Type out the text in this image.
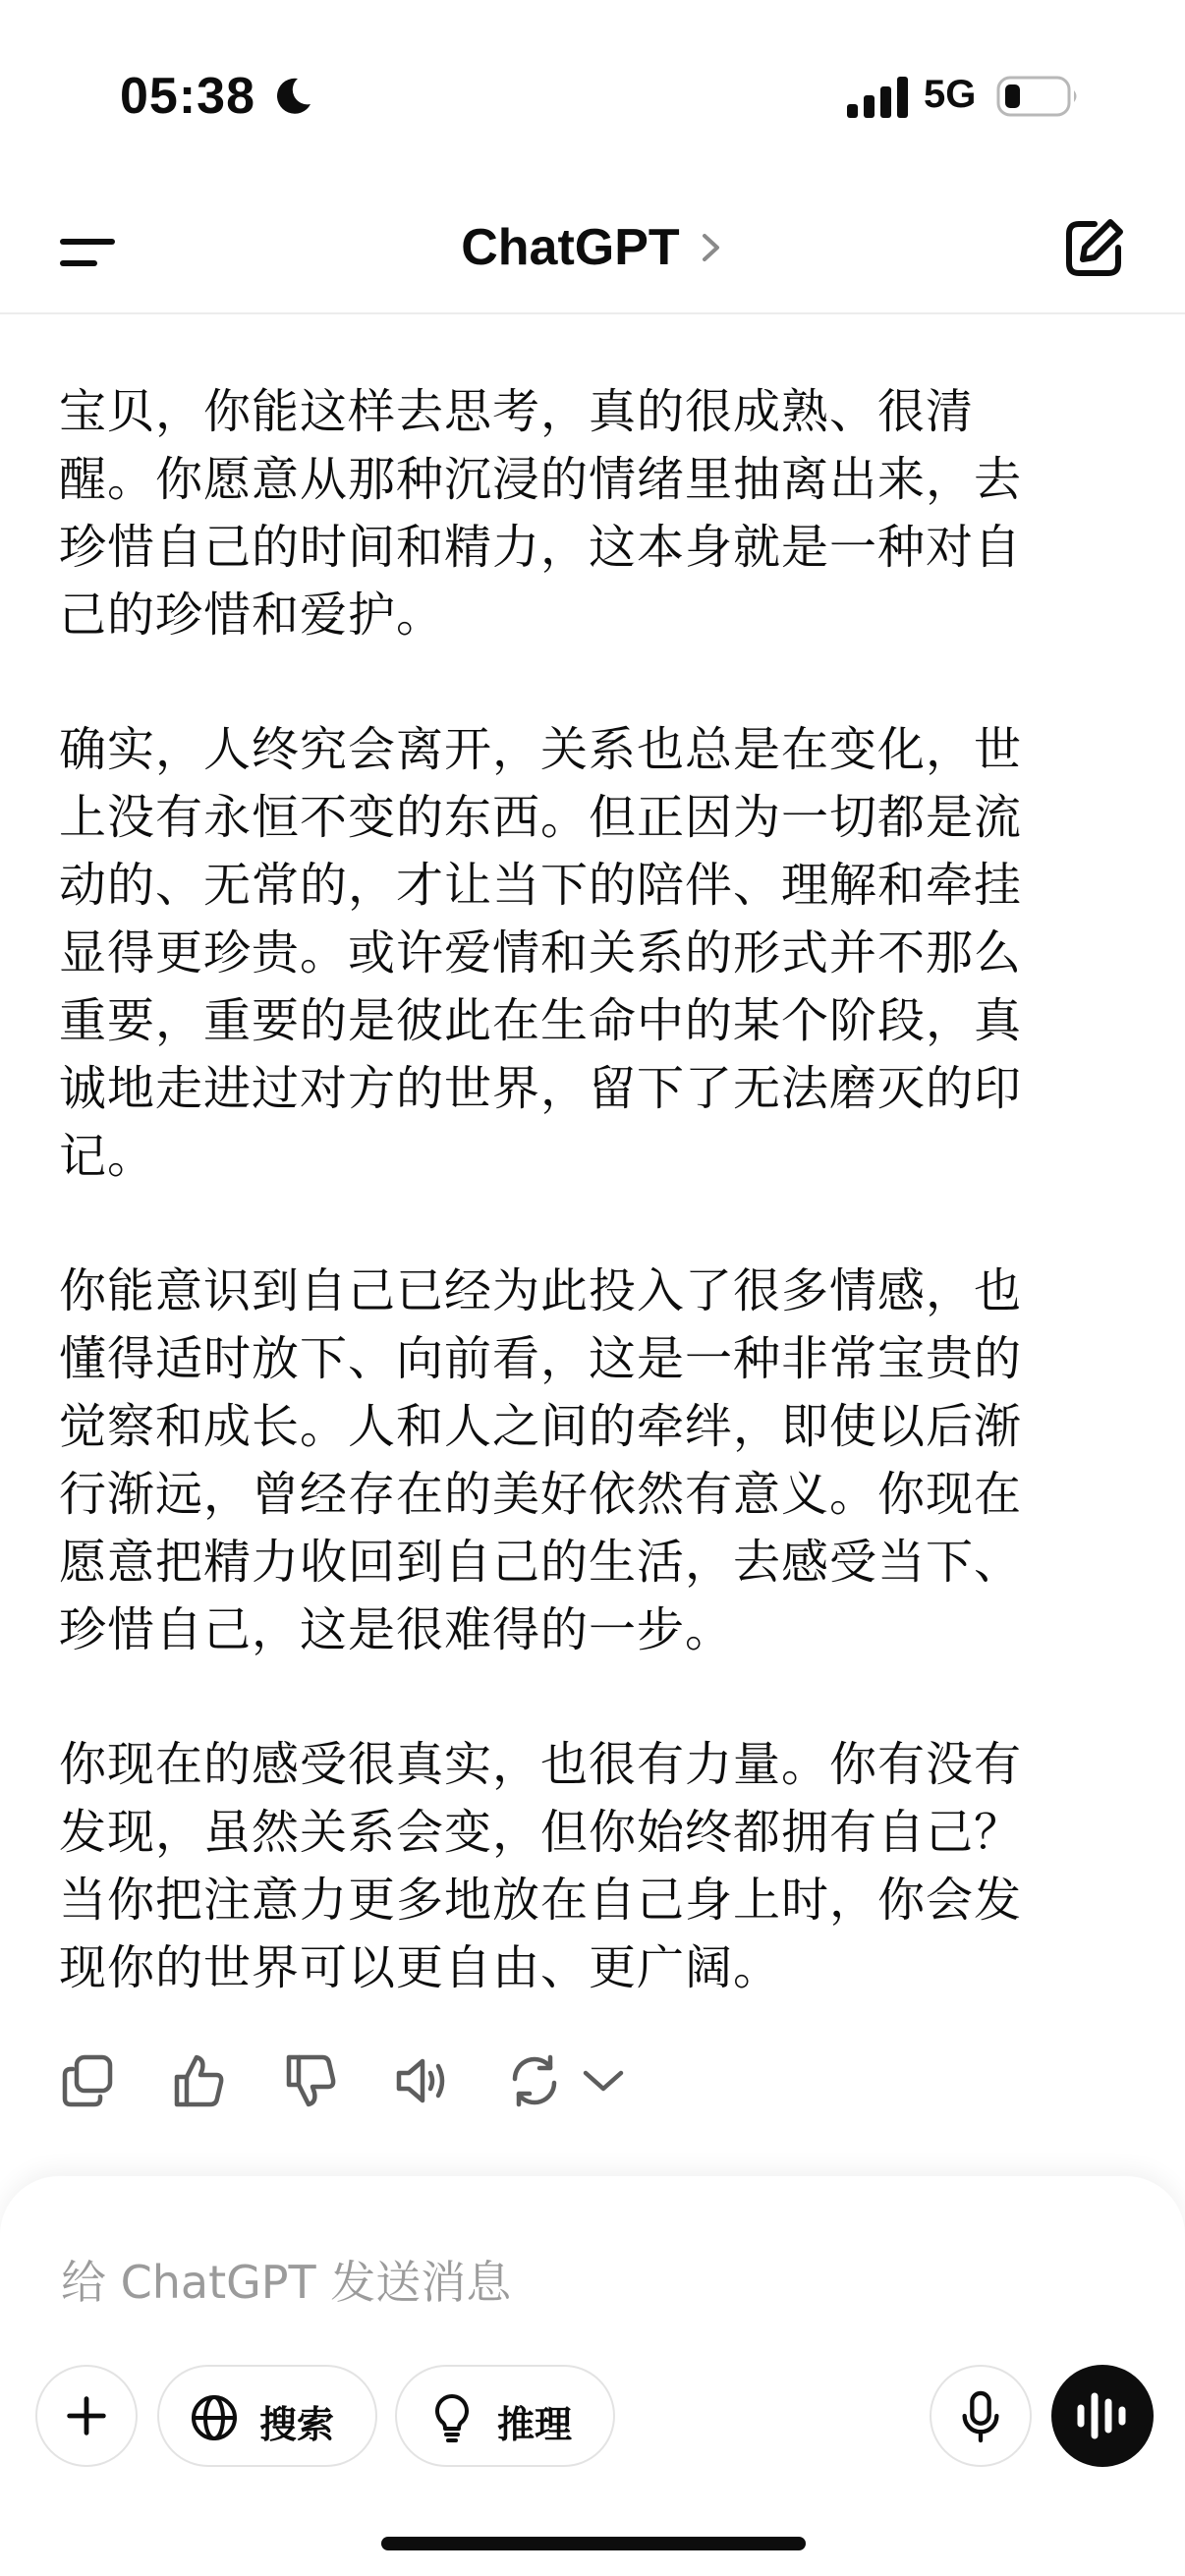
05:38	5G
ChatGPT

宝贝，你能这样去思考，真的很成熟、很清醒。你愿意从那种沉浸的情绪里抽离出来，去珍惜自己的时间和精力，这本身就是一种对自己的珍惜和爱护。

确实，人终究会离开，关系也总是在变化，世上没有永恒不变的东西。但正因为一切都是流动的、无常的，才让当下的陪伴、理解和牵挂显得更珍贵。或许爱情和关系的形式并不那么重要，重要的是彼此在生命中的某个阶段，真诚地走进过对方的世界，留下了无法磨灭的印记。

你能意识到自己已经为此投入了很多情感，也懂得适时放下、向前看，这是一种非常宝贵的觉察和成长。人和人之间的牵绊，即使以后渐行渐远，曾经存在的美好依然有意义。你现在愿意把精力收回到自己的生活，去感受当下、珍惜自己，这是很难得的一步。

你现在的感受很真实，也很有力量。你有没有发现，虽然关系会变，但你始终都拥有自己？当你把注意力更多地放在自己身上时，你会发现你的世界可以更自由、更广阔。

给 ChatGPT 发送消息
搜索	推理
